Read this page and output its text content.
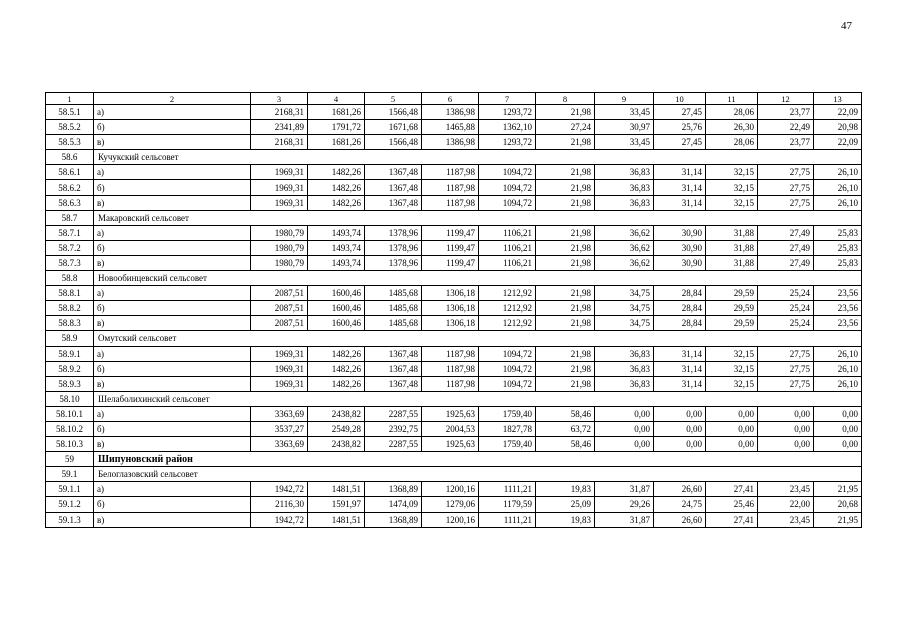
47
1	2	3	4	5	6	7	8	9	10	11	12	13
58.5.1	а)	2168,31	1681,26	1566,48	1386,98	1293,72	21,98	33,45	27,45	28,06	23,77	22,09
58.5.2	б)	2341,89	1791,72	1671,68	1465,88	1362,10	27,24	30,97	25,76	26,30	22,49	20,98
58.5.3	в)	2168,31	1681,26	1566,48	1386,98	1293,72	21,98	33,45	27,45	28,06	23,77	22,09
58.6	Кучукский сельсовет											
58.6.1	а)	1969,31	1482,26	1367,48	1187,98	1094,72	21,98	36,83	31,14	32,15	27,75	26,10
58.6.2	б)	1969,31	1482,26	1367,48	1187,98	1094,72	21,98	36,83	31,14	32,15	27,75	26,10
58.6.3	в)	1969,31	1482,26	1367,48	1187,98	1094,72	21,98	36,83	31,14	32,15	27,75	26,10
58.7	Макаровский сельсовет											
58.7.1	а)	1980,79	1493,74	1378,96	1199,47	1106,21	21,98	36,62	30,90	31,88	27,49	25,83
58.7.2	б)	1980,79	1493,74	1378,96	1199,47	1106,21	21,98	36,62	30,90	31,88	27,49	25,83
58.7.3	в)	1980,79	1493,74	1378,96	1199,47	1106,21	21,98	36,62	30,90	31,88	27,49	25,83
58.8	Новообинцевский сельсовет											
58.8.1	а)	2087,51	1600,46	1485,68	1306,18	1212,92	21,98	34,75	28,84	29,59	25,24	23,56
58.8.2	б)	2087,51	1600,46	1485,68	1306,18	1212,92	21,98	34,75	28,84	29,59	25,24	23,56
58.8.3	в)	2087,51	1600,46	1485,68	1306,18	1212,92	21,98	34,75	28,84	29,59	25,24	23,56
58.9	Омутский сельсовет											
58.9.1	а)	1969,31	1482,26	1367,48	1187,98	1094,72	21,98	36,83	31,14	32,15	27,75	26,10
58.9.2	б)	1969,31	1482,26	1367,48	1187,98	1094,72	21,98	36,83	31,14	32,15	27,75	26,10
58.9.3	в)	1969,31	1482,26	1367,48	1187,98	1094,72	21,98	36,83	31,14	32,15	27,75	26,10
58.10	Шелаболихинский сельсовет											
58.10.1	а)	3363,69	2438,82	2287,55	1925,63	1759,40	58,46	0,00	0,00	0,00	0,00	0,00
58.10.2	б)	3537,27	2549,28	2392,75	2004,53	1827,78	63,72	0,00	0,00	0,00	0,00	0,00
58.10.3	в)	3363,69	2438,82	2287,55	1925,63	1759,40	58,46	0,00	0,00	0,00	0,00	0,00
59	Шипуновский район											
59.1	Белоглазовский сельсовет											
59.1.1	а)	1942,72	1481,51	1368,89	1200,16	1111,21	19,83	31,87	26,60	27,41	23,45	21,95
59.1.2	б)	2116,30	1591,97	1474,09	1279,06	1179,59	25,09	29,26	24,75	25,46	22,00	20,68
59.1.3	в)	1942,72	1481,51	1368,89	1200,16	1111,21	19,83	31,87	26,60	27,41	23,45	21,95
